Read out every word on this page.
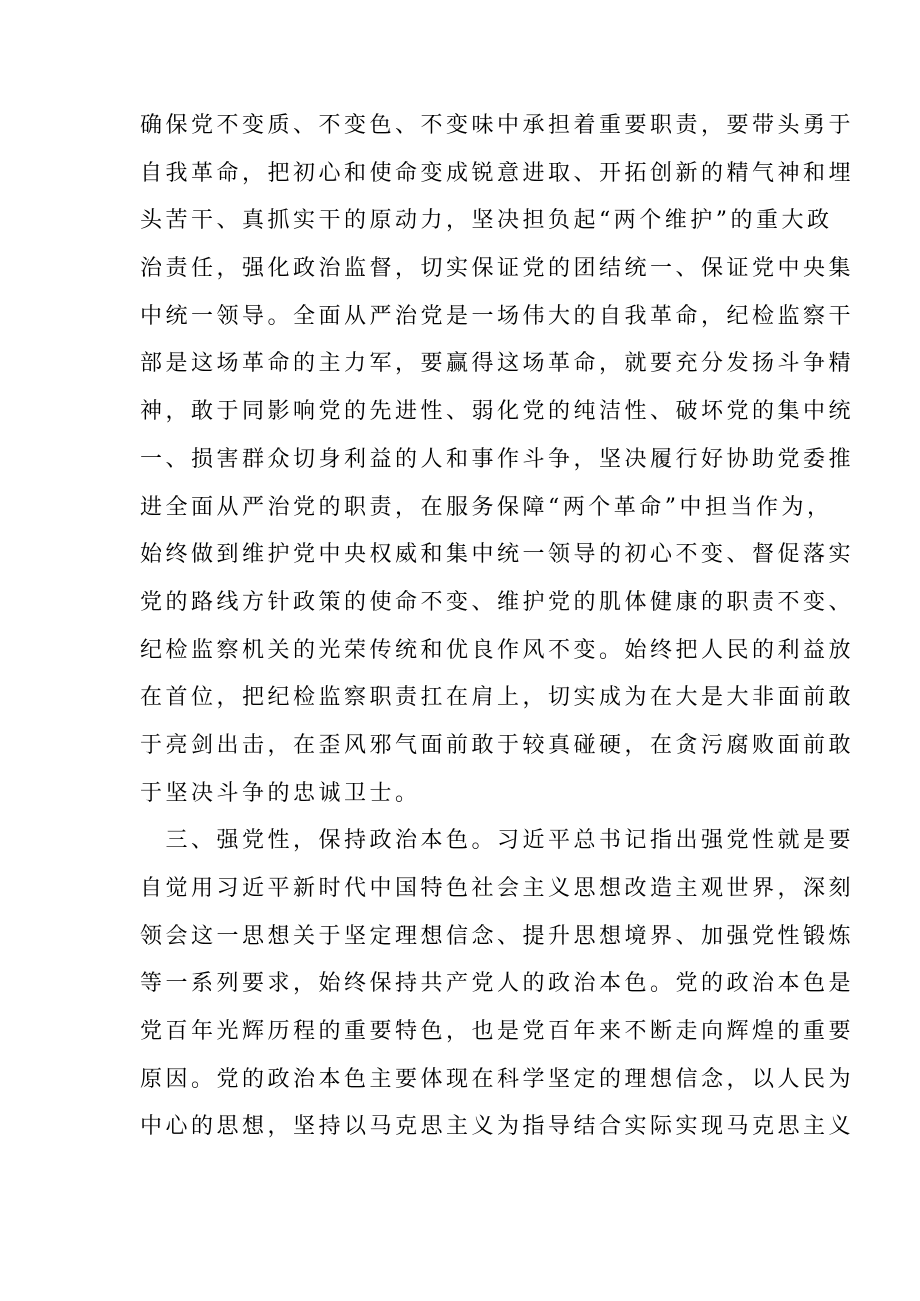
确保党不变质、不变色、不变味中承担着重要职责，要带头勇于
自我革命，把初心和使命变成锐意进取、开拓创新的精气神和埋
头苦干、真抓实干的原动力，坚决担负起“两个维护”的重大政
治责任，强化政治监督，切实保证党的团结统一、保证党中央集
中统一领导。全面从严治党是一场伟大的自我革命，纪检监察干
部是这场革命的主力军，要赢得这场革命，就要充分发扬斗争精
神，敢于同影响党的先进性、弱化党的纯洁性、破坏党的集中统
一、损害群众切身利益的人和事作斗争，坚决履行好协助党委推
进全面从严治党的职责，在服务保障“两个革命”中担当作为，
始终做到维护党中央权威和集中统一领导的初心不变、督促落实
党的路线方针政策的使命不变、维护党的肌体健康的职责不变、
纪检监察机关的光荣传统和优良作风不变。始终把人民的利益放
在首位，把纪检监察职责扛在肩上，切实成为在大是大非面前敢
于亮剑出击，在歪风邪气面前敢于较真碰硬，在贪污腐败面前敢
于坚决斗争的忠诚卫士。
　三、强党性，保持政治本色。习近平总书记指出强党性就是要
自觉用习近平新时代中国特色社会主义思想改造主观世界，深刻
领会这一思想关于坚定理想信念、提升思想境界、加强党性锻炼
等一系列要求，始终保持共产党人的政治本色。党的政治本色是
党百年光辉历程的重要特色，也是党百年来不断走向辉煌的重要
原因。党的政治本色主要体现在科学坚定的理想信念，以人民为
中心的思想，坚持以马克思主义为指导结合实际实现马克思主义
